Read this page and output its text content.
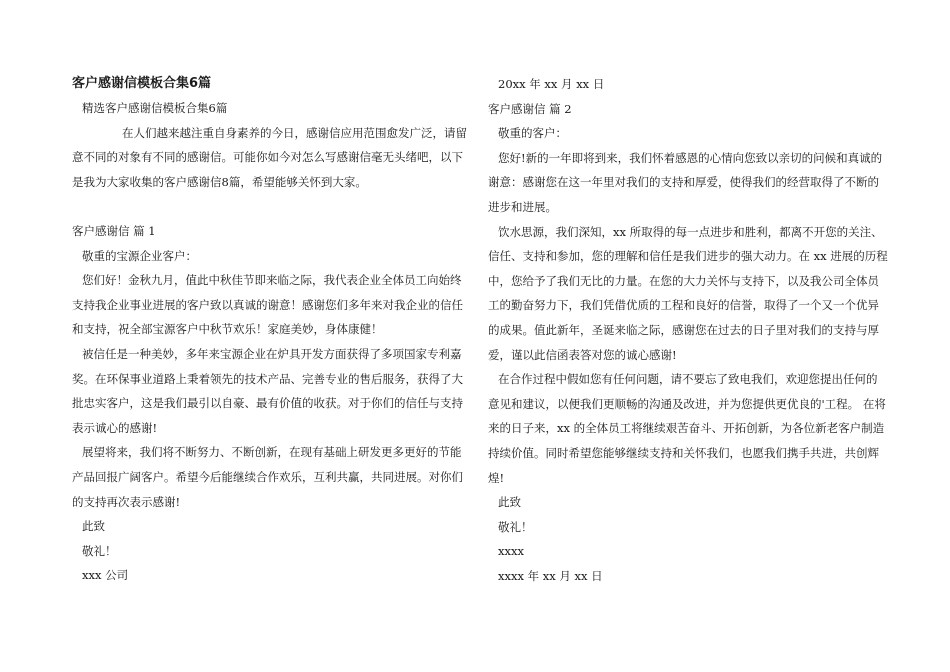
客户感谢信模板合集6篇
精选客户感谢信模板合集6篇
在人们越来越注重自身素养的今日，感谢信应用范围愈发广泛，请留
意不同的对象有不同的感谢信。可能你如今对怎么写感谢信毫无头绪吧，以下
是我为大家收集的客户感谢信8篇，希望能够关怀到大家。
客户感谢信 篇 1
敬重的宝源企业客户：
您们好！金秋九月，值此中秋佳节即来临之际，我代表企业全体员工向始终
支持我企业事业进展的客户致以真诚的谢意！感谢您们多年来对我企业的信任
和支持，祝全部宝源客户中秋节欢乐！家庭美妙，身体康健！
被信任是一种美妙，多年来宝源企业在炉具开发方面获得了多项国家专利嘉
奖。在环保事业道路上秉着领先的技术产品、完善专业的售后服务，获得了大
批忠实客户，这是我们最引以自豪、最有价值的收获。对于你们的信任与支持
表示诚心的感谢!
展望将来，我们将不断努力、不断创新，在现有基础上研发更多更好的节能
产品回报广阔客户。希望今后能继续合作欢乐，互利共赢，共同进展。对你们
的支持再次表示感谢!
此致
敬礼！
xxx 公司
20xx 年 xx 月 xx 日
客户感谢信 篇 2
敬重的客户：
您好!新的一年即将到来，我们怀着感恩的心情向您致以亲切的问候和真诚的
谢意：感谢您在这一年里对我们的支持和厚爱，使得我们的经营取得了不断的
进步和进展。
饮水思源，我们深知，xx 所取得的每一点进步和胜利，都离不开您的关注、
信任、支持和参加，您的理解和信任是我们进步的强大动力。在 xx 进展的历程
中，您给予了我们无比的力量。在您的大力关怀与支持下，以及我公司全体员
工的勤奋努力下，我们凭借优质的工程和良好的信誉，取得了一个又一个优异
的成果。值此新年，圣诞来临之际，感谢您在过去的日子里对我们的支持与厚
爱，谨以此信函表答对您的诚心感谢!
在合作过程中假如您有任何问题，请不要忘了致电我们，欢迎您提出任何的
意见和建议，以便我们更顺畅的沟通及改进，并为您提供更优良的'工程。 在将
来的日子来，xx 的全体员工将继续艰苦奋斗、开拓创新，为各位新老客户制造
持续价值。同时希望您能够继续支持和关怀我们，也愿我们携手共进，共创辉
煌!
此致
敬礼！
xxxx
xxxx 年 xx 月 xx 日
